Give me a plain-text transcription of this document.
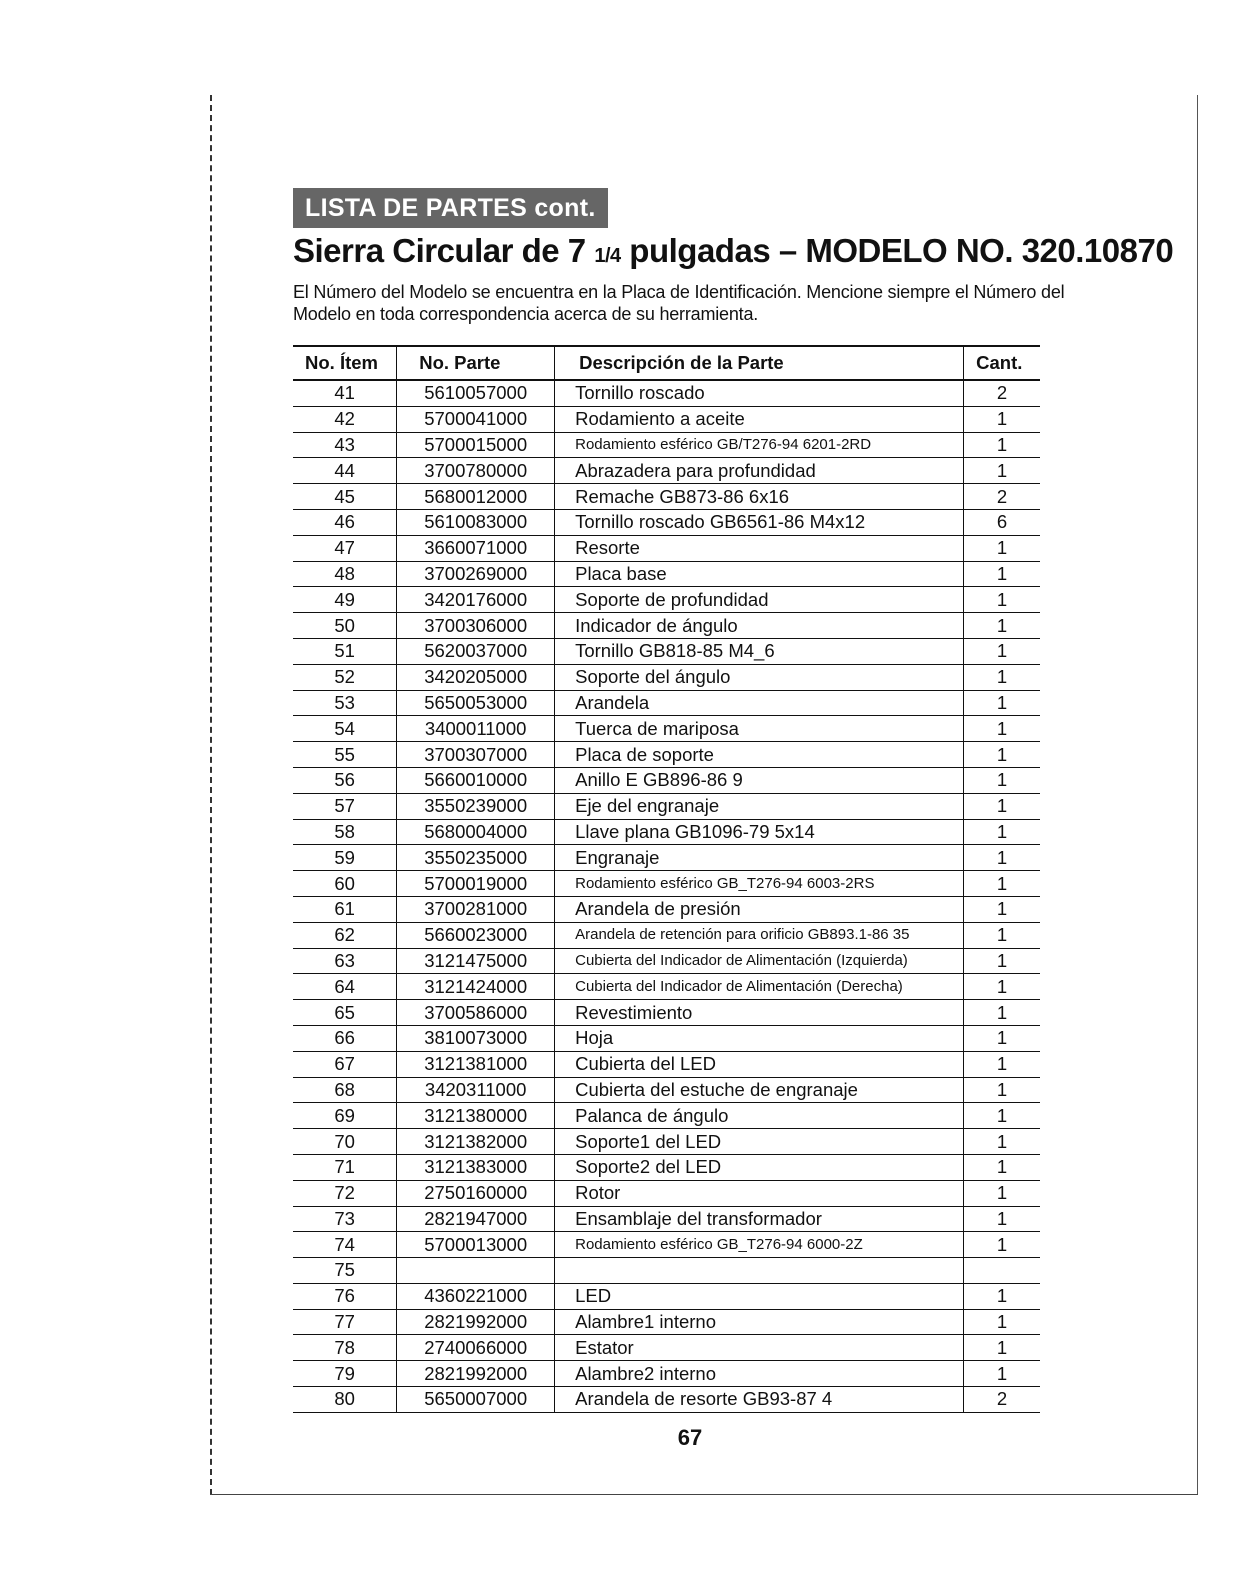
LISTA DE PARTES cont.
Sierra Circular de 7 1/4 pulgadas – MODELO NO. 320.10870
El Número del Modelo se encuentra en la Placa de Identificación. Mencione siempre el Número del Modelo en toda correspondencia acerca de su herramienta.
No. Ítem	No. Parte	Descripción de la Parte	Cant.
41	5610057000	Tornillo roscado	2
42	5700041000	Rodamiento a aceite	1
43	5700015000	Rodamiento esférico GB/T276-94 6201-2RD	1
44	3700780000	Abrazadera para profundidad	1
45	5680012000	Remache GB873-86 6x16	2
46	5610083000	Tornillo roscado GB6561-86 M4x12	6
47	3660071000	Resorte	1
48	3700269000	Placa base	1
49	3420176000	Soporte de profundidad	1
50	3700306000	Indicador de ángulo	1
51	5620037000	Tornillo GB818-85 M4_6	1
52	3420205000	Soporte del ángulo	1
53	5650053000	Arandela	1
54	3400011000	Tuerca de mariposa	1
55	3700307000	Placa de soporte	1
56	5660010000	Anillo E GB896-86 9	1
57	3550239000	Eje del engranaje	1
58	5680004000	Llave plana GB1096-79 5x14	1
59	3550235000	Engranaje	1
60	5700019000	Rodamiento esférico GB_T276-94 6003-2RS	1
61	3700281000	Arandela de presión	1
62	5660023000	Arandela de retención para orificio GB893.1-86 35	1
63	3121475000	Cubierta del Indicador de Alimentación (Izquierda)	1
64	3121424000	Cubierta del Indicador de Alimentación (Derecha)	1
65	3700586000	Revestimiento	1
66	3810073000	Hoja	1
67	3121381000	Cubierta del LED	1
68	3420311000	Cubierta del estuche de engranaje	1
69	3121380000	Palanca de ángulo	1
70	3121382000	Soporte1 del LED	1
71	3121383000	Soporte2 del LED	1
72	2750160000	Rotor	1
73	2821947000	Ensamblaje del transformador	1
74	5700013000	Rodamiento esférico GB_T276-94 6000-2Z	1
75			
76	4360221000	LED	1
77	2821992000	Alambre1 interno	1
78	2740066000	Estator	1
79	2821992000	Alambre2 interno	1
80	5650007000	Arandela de resorte GB93-87 4	2
67
